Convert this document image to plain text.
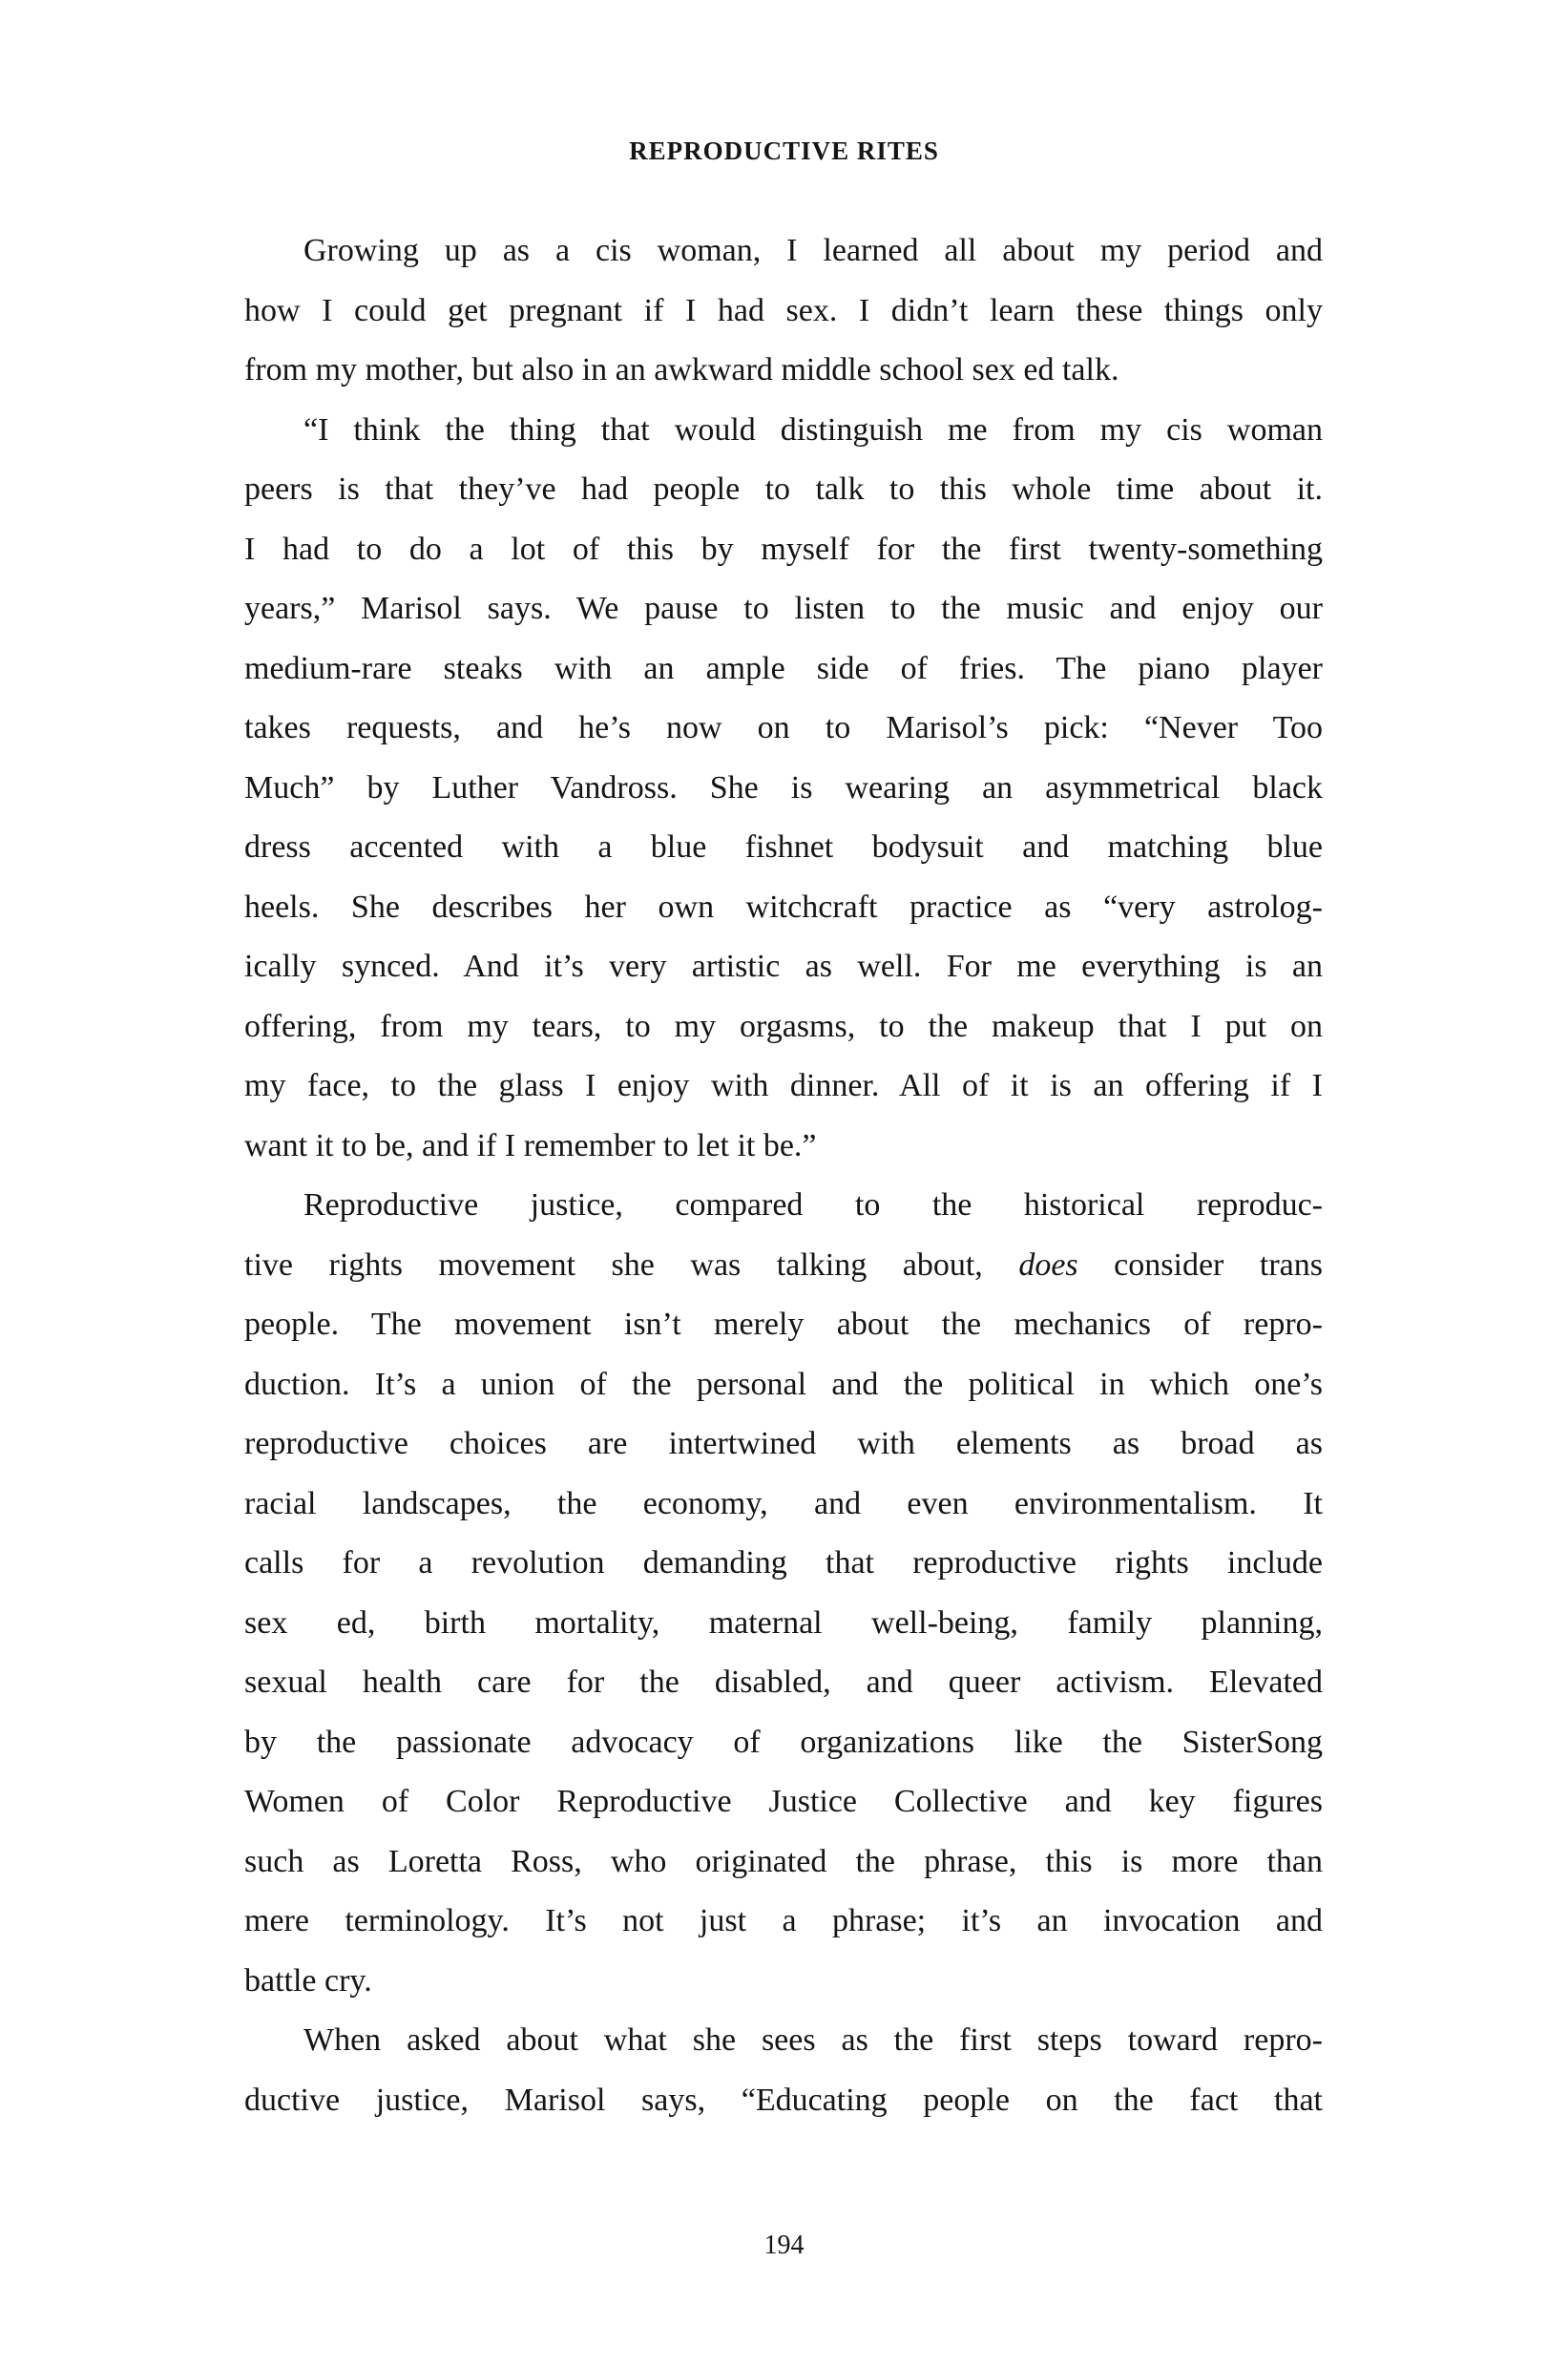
REPRODUCTIVE RITES
Growing up as a cis woman, I learned all about my period and
how I could get pregnant if I had sex. I didn’t learn these things only
from my mother, but also in an awkward middle school sex ed talk.
“I think the thing that would distinguish me from my cis woman
peers is that they’ve had people to talk to this whole time about it.
I had to do a lot of this by myself for the first twenty-something
years,” Marisol says. We pause to listen to the music and enjoy our
medium-rare steaks with an ample side of fries. The piano player
takes requests, and he’s now on to Marisol’s pick: “Never Too
Much” by Luther Vandross. She is wearing an asymmetrical black
dress accented with a blue fishnet bodysuit and matching blue
heels. She describes her own witchcraft practice as “very astrolog-
ically synced. And it’s very artistic as well. For me everything is an
offering, from my tears, to my orgasms, to the makeup that I put on
my face, to the glass I enjoy with dinner. All of it is an offering if I
want it to be, and if I remember to let it be.”
Reproductive justice, compared to the historical reproduc-
tive rights movement she was talking about, does consider trans
people. The movement isn’t merely about the mechanics of repro-
duction. It’s a union of the personal and the political in which one’s
reproductive choices are intertwined with elements as broad as
racial landscapes, the economy, and even environmentalism. It
calls for a revolution demanding that reproductive rights include
sex ed, birth mortality, maternal well-being, family planning,
sexual health care for the disabled, and queer activism. Elevated
by the passionate advocacy of organizations like the SisterSong
Women of Color Reproductive Justice Collective and key figures
such as Loretta Ross, who originated the phrase, this is more than
mere terminology. It’s not just a phrase; it’s an invocation and
battle cry.
When asked about what she sees as the first steps toward repro-
ductive justice, Marisol says, “Educating people on the fact that
194
